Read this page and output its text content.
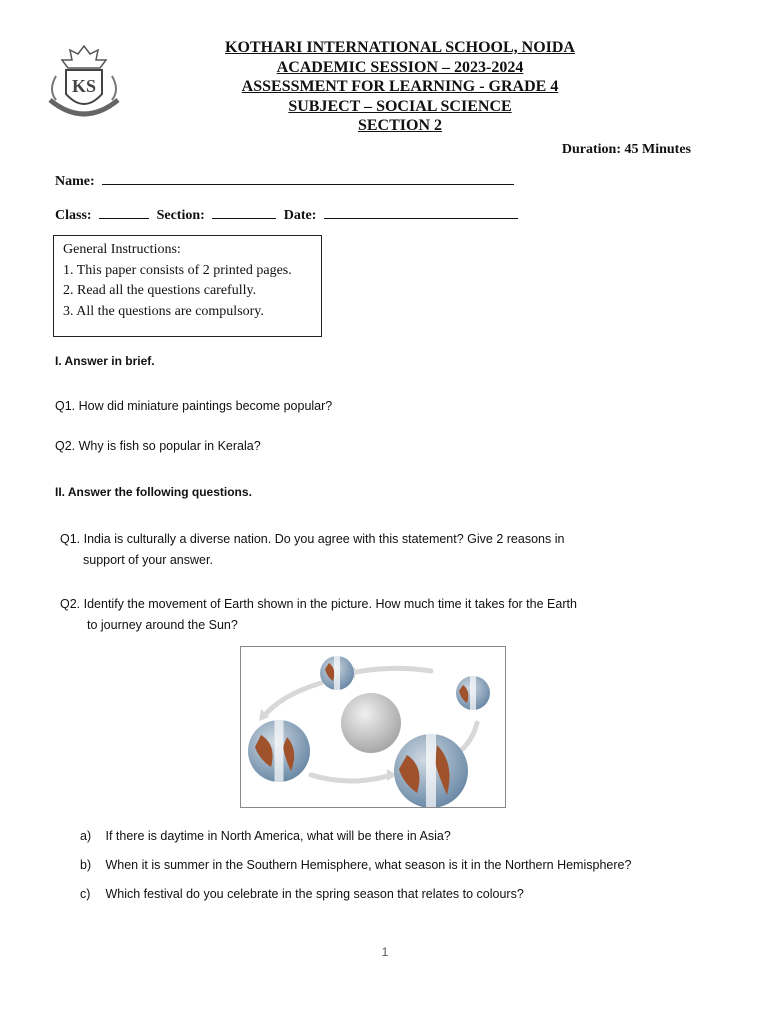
KS
KOTHARI INTERNATIONAL SCHOOL, NOIDA
ACADEMIC SESSION – 2023-2024
ASSESSMENT FOR LEARNING - GRADE 4
SUBJECT – SOCIAL SCIENCE
SECTION 2
Duration: 45 Minutes
Name:
Class:	Section:	Date:
General Instructions:
1. This paper consists of 2 printed pages.
2. Read all the questions carefully.
3. All the questions are compulsory.
I. Answer in brief.
Q1. How did miniature paintings become popular?
Q2. Why is fish so popular in Kerala?
II. Answer the following questions.
Q1. India is culturally a diverse nation. Do you agree with this statement? Give 2 reasons in
support of your answer.
Q2. Identify the movement of Earth shown in the picture. How much time it takes for the Earth
to journey around the Sun?
a) If there is daytime in North America, what will be there in Asia?
b) When it is summer in the Southern Hemisphere, what season is it in the Northern Hemisphere?
c) Which festival do you celebrate in the spring season that relates to colours?
1
